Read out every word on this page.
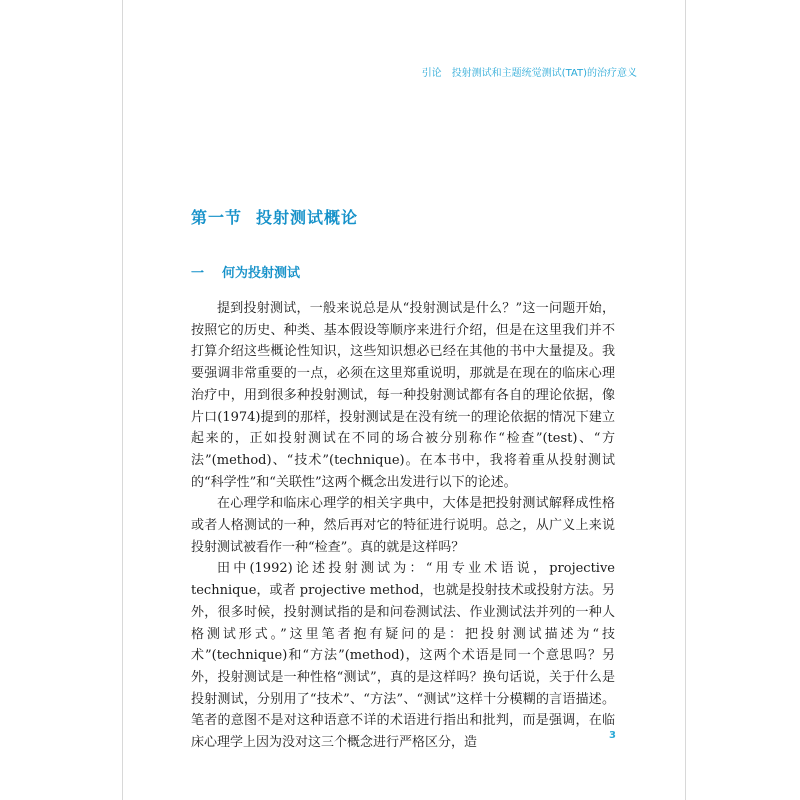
引论 投射测试和主题统觉测试(TAT)的治疗意义
第一节 投射测试概论
一 何为投射测试

提到投射测试，一般来说总是从“投射测试是什么？”这一问题开始，按照它的历史、种类、基本假设等顺序来进行介绍，但是在这里我们并不打算介绍这些概论性知识，这些知识想必已经在其他的书中大量提及。我要强调非常重要的一点，必须在这里郑重说明，那就是在现在的临床心理治疗中，用到很多种投射测试，每一种投射测试都有各自的理论依据，像片口(1974)提到的那样，投射测试是在没有统一的理论依据的情况下建立起来的，正如投射测试在不同的场合被分别称作“检查”(test)、“方法”(method)、“技术”(technique)。在本书中，我将着重从投射测试的“科学性”和“关联性”这两个概念出发进行以下的论述。

在心理学和临床心理学的相关字典中，大体是把投射测试解释成性格或者人格测试的一种，然后再对它的特征进行说明。总之，从广义上来说投射测试被看作一种“检查”。真的就是这样吗？

田中(1992)论述投射测试为：“用专业术语说，projective technique，或者 projective method，也就是投射技术或投射方法。另外，很多时候，投射测试指的是和问卷测试法、作业测试法并列的一种人格测试形式。”这里笔者抱有疑问的是：把投射测试描述为“技术”(technique)和“方法”(method)，这两个术语是同一个意思吗？另外，投射测试是一种性格“测试”，真的是这样吗？换句话说，关于什么是投射测试，分别用了“技术”、“方法”、“测试”这样十分模糊的言语描述。笔者的意图不是对这种语意不详的术语进行指出和批判，而是强调，在临床心理学上因为没对这三个概念进行严格区分，造	3
